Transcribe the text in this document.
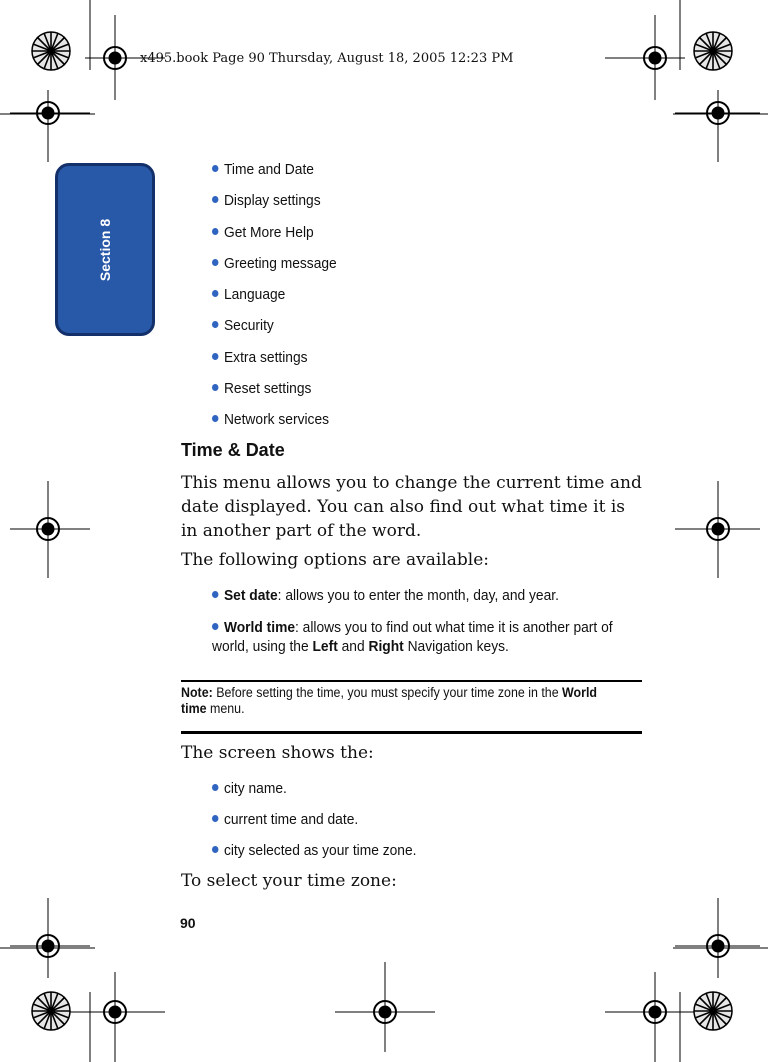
x495.book Page 90 Thursday, August 18, 2005 12:23 PM
Section 8
Time and Date
Display settings
Get More Help
Greeting message
Language
Security
Extra settings
Reset settings
Network services
Time & Date
This menu allows you to change the current time and date displayed. You can also find out what time it is in another part of the word.
The following options are available:
Set date: allows you to enter the month, day, and year.
World time: allows you to find out what time it is another part of world, using the Left and Right Navigation keys.
Note: Before setting the time, you must specify your time zone in the World time menu.
The screen shows the:
city name.
current time and date.
city selected as your time zone.
To select your time zone:
90
